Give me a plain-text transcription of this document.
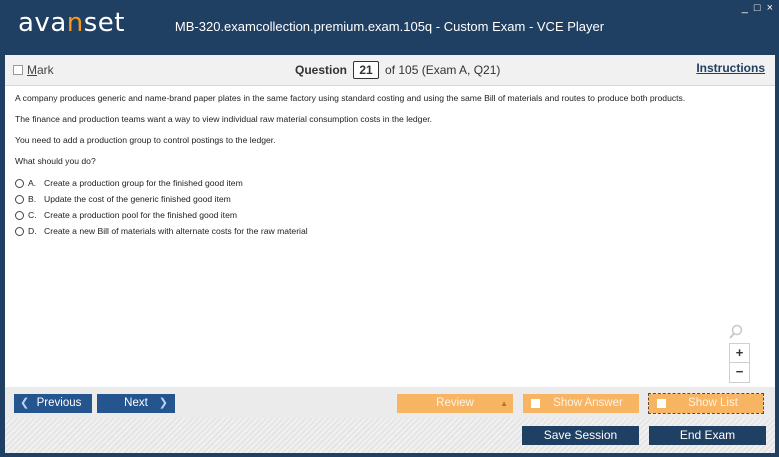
avanset	MB-320.examcollection.premium.exam.105q - Custom Exam - VCE Player
_ □ ×
Mark	Question	21	of 105 (Exam A, Q21)	Instructions

A company produces generic and name-brand paper plates in the same factory using standard costing and using the same Bill of materials and routes to produce both products.

The finance and production teams want a way to view individual raw material consumption costs in the ledger.

You need to add a production group to control postings to the ledger.

What should you do?

A. Create a production group for the finished good item
B. Update the cost of the generic finished good item
C. Create a production pool for the finished good item
D. Create a new Bill of materials with alternate costs for the raw material
+
−
❮ Previous	Next ❯	Review	▲	Show Answer	Show List
Save Session	End Exam
